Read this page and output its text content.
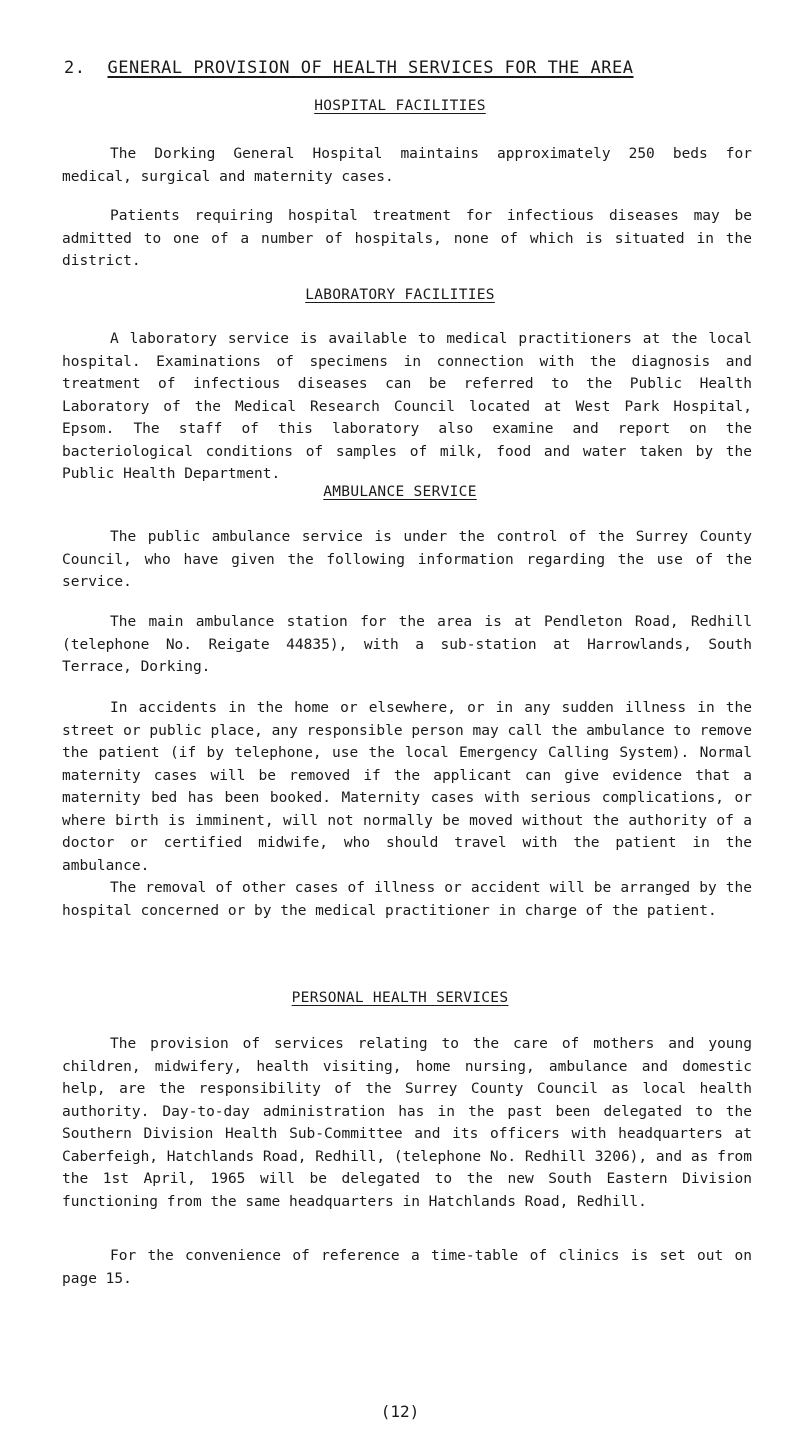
2. GENERAL PROVISION OF HEALTH SERVICES FOR THE AREA
HOSPITAL FACILITIES

The Dorking General Hospital maintains approximately 250 beds for medical, surgical and maternity cases.

Patients requiring hospital treatment for infectious diseases may be admitted to one of a number of hospitals, none of which is situated in the district.

LABORATORY FACILITIES

A laboratory service is available to medical practitioners at the local hospital. Examinations of specimens in connection with the diagnosis and treatment of infectious diseases can be referred to the Public Health Laboratory of the Medical Research Council located at West Park Hospital, Epsom. The staff of this laboratory also examine and report on the bacteriological conditions of samples of milk, food and water taken by the Public Health Department.

AMBULANCE SERVICE

The public ambulance service is under the control of the Surrey County Council, who have given the following information regarding the use of the service.

The main ambulance station for the area is at Pendleton Road, Redhill (telephone No. Reigate 44835), with a sub-station at Harrowlands, South Terrace, Dorking.

In accidents in the home or elsewhere, or in any sudden illness in the street or public place, any responsible person may call the ambulance to remove the patient (if by telephone, use the local Emergency Calling System). Normal maternity cases will be removed if the applicant can give evidence that a maternity bed has been booked. Maternity cases with serious complications, or where birth is imminent, will not normally be moved without the authority of a doctor or certified midwife, who should travel with the patient in the ambulance.

The removal of other cases of illness or accident will be arranged by the hospital concerned or by the medical practitioner in charge of the patient.

PERSONAL HEALTH SERVICES

The provision of services relating to the care of mothers and young children, midwifery, health visiting, home nursing, ambulance and domestic help, are the responsibility of the Surrey County Council as local health authority. Day-to-day administration has in the past been delegated to the Southern Division Health Sub-Committee and its officers with headquarters at Caberfeigh, Hatchlands Road, Redhill, (telephone No. Redhill 3206), and as from the 1st April, 1965 will be delegated to the new South Eastern Division functioning from the same headquarters in Hatchlands Road, Redhill.

For the convenience of reference a time-table of clinics is set out on page 15.

(12)
